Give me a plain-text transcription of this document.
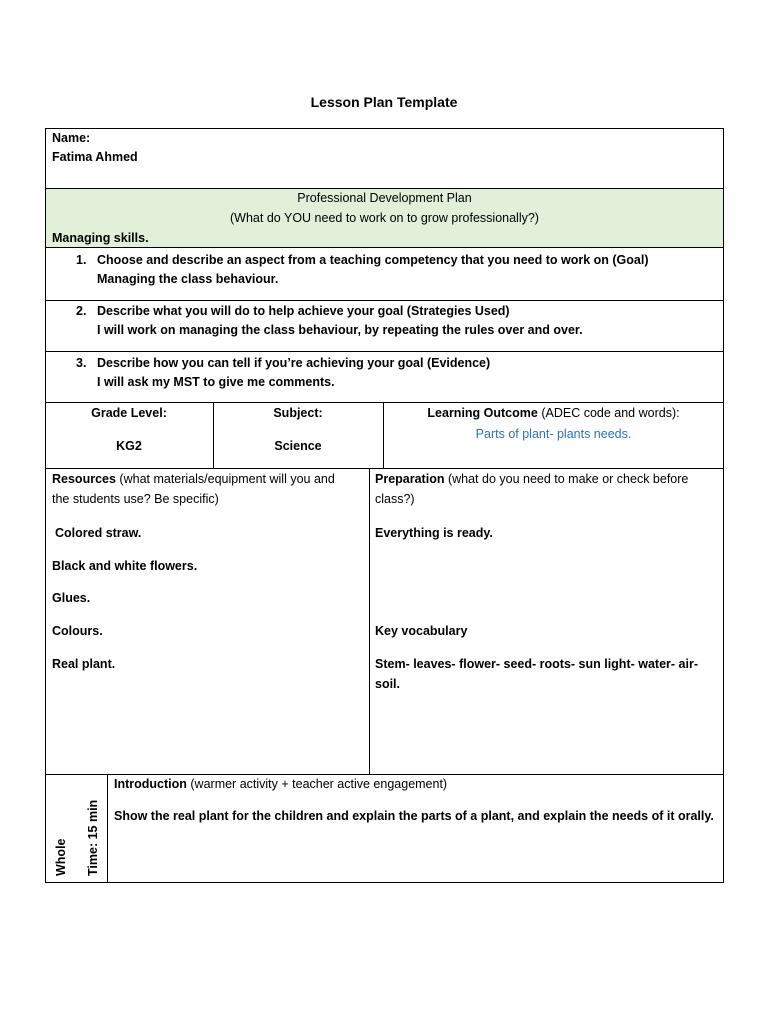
Lesson Plan Template
Name:
Fatima Ahmed
Professional Development Plan
(What do YOU need to work on to grow professionally?)
Managing skills.
1. Choose and describe an aspect from a teaching competency that you need to work on (Goal)
Managing the class behaviour.
2. Describe what you will do to help achieve your goal (Strategies Used)
I will work on managing the class behaviour, by repeating the rules over and over.
3. Describe how you can tell if you’re achieving your goal (Evidence)
I will ask my MST to give me comments.
Grade Level:
KG2
Subject:
Science
Learning Outcome (ADEC code and words):
Parts of plant- plants needs.
Resources (what materials/equipment will you and
the students use? Be specific)
Colored straw.
Black and white flowers.
Glues.
Colours.
Real plant.
Preparation (what do you need to make or check before
class?)
Everything is ready.
Key vocabulary
Stem- leaves- flower- seed- roots- sun light- water- air-
soil.
Whole Time: 15 min
Introduction (warmer activity + teacher active engagement)
Show the real plant for the children and explain the parts of a plant, and explain the needs of it orally.
